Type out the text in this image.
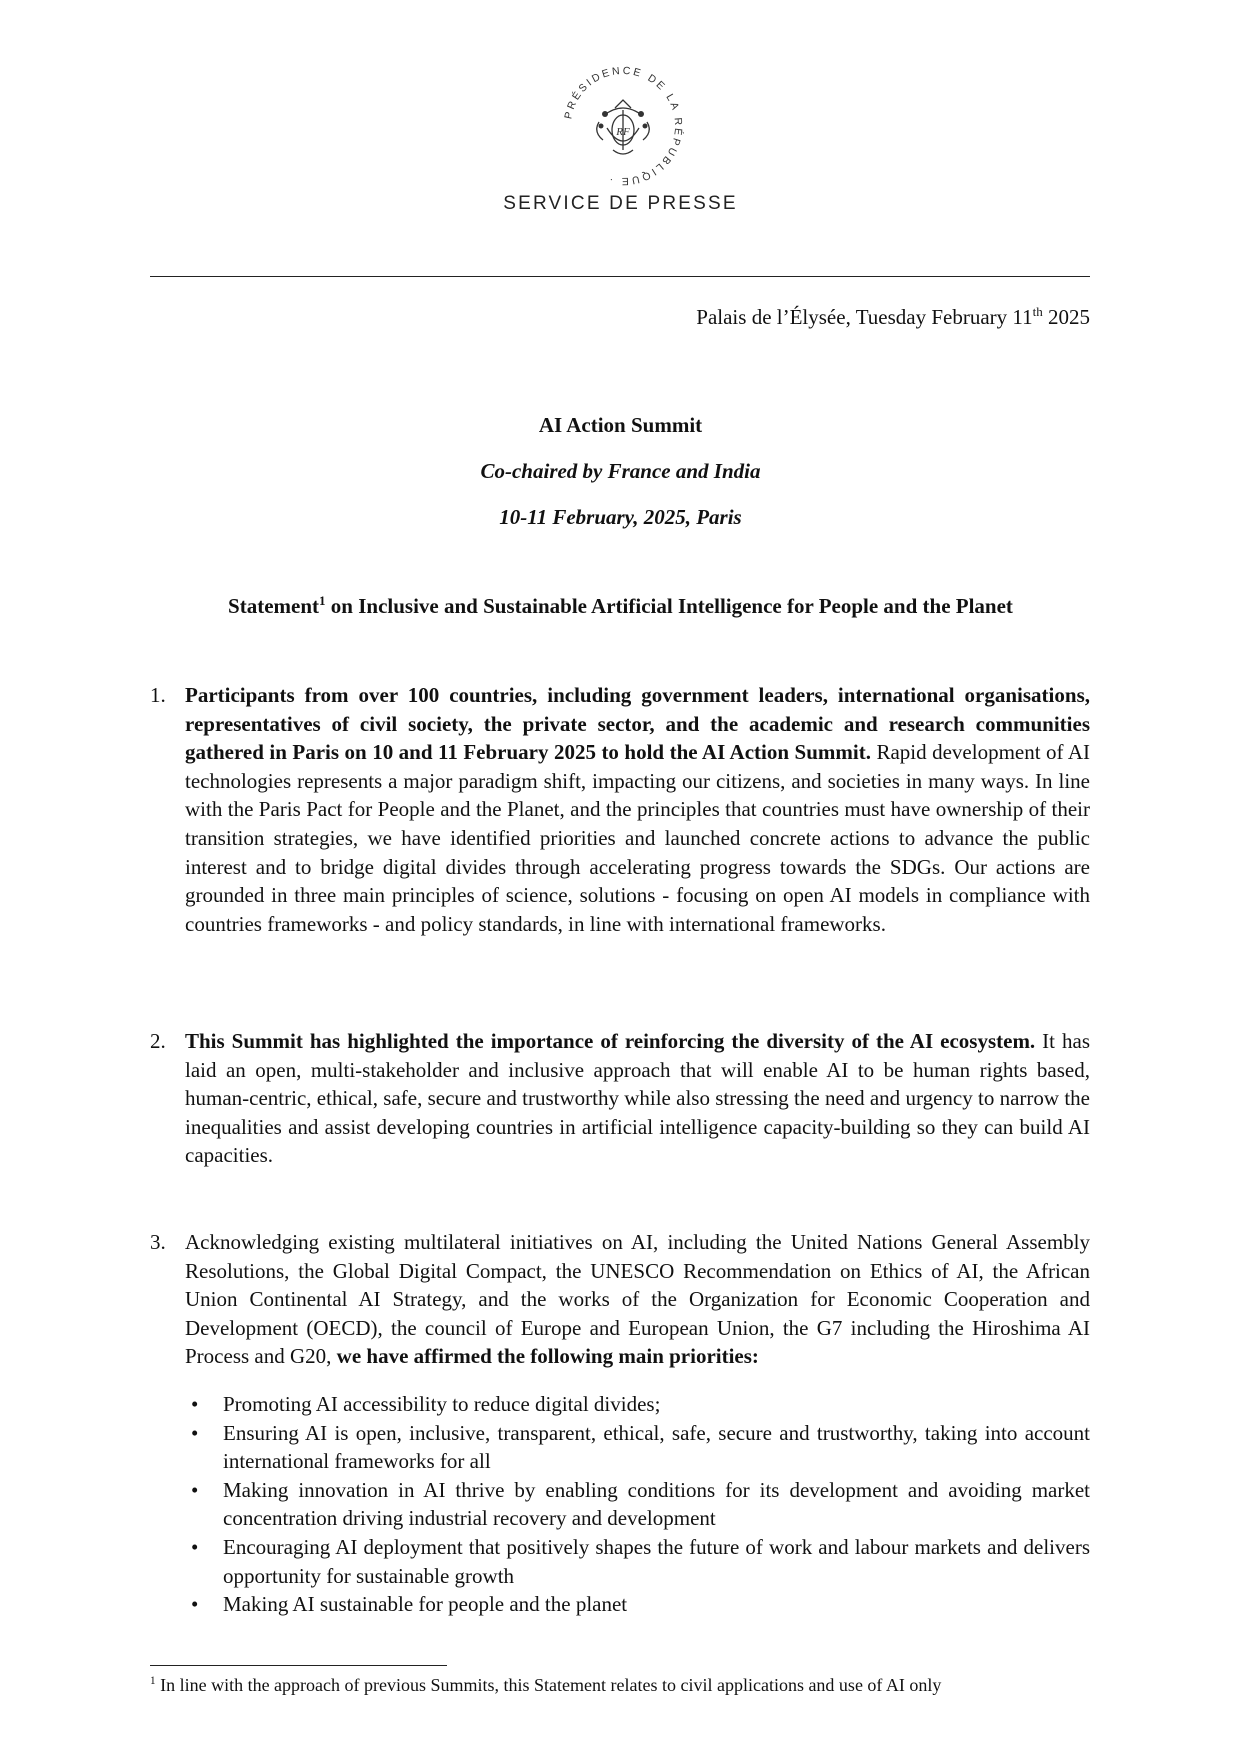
PRÉSIDENCE DE LA RÉPUBLIQUE ·
RF
SERVICE DE PRESSE
Palais de l’Élysée, Tuesday February 11th 2025
AI Action Summit
Co-chaired by France and India
10-11 February, 2025, Paris
Statement$^1$ on Inclusive and Sustainable Artificial Intelligence for People and the Planet
1. Participants from over 100 countries, including government leaders, international organisations, representatives of civil society, the private sector, and the academic and research communities gathered in Paris on 10 and 11 February 2025 to hold the AI Action Summit. Rapid development of AI technologies represents a major paradigm shift, impacting our citizens, and societies in many ways. In line with the Paris Pact for People and the Planet, and the principles that countries must have ownership of their transition strategies, we have identified priorities and launched concrete actions to advance the public interest and to bridge digital divides through accelerating progress towards the SDGs. Our actions are grounded in three main principles of science, solutions - focusing on open AI models in compliance with countries frameworks - and policy standards, in line with international frameworks.
2. This Summit has highlighted the importance of reinforcing the diversity of the AI ecosystem. It has laid an open, multi-stakeholder and inclusive approach that will enable AI to be human rights based, human-centric, ethical, safe, secure and trustworthy while also stressing the need and urgency to narrow the inequalities and assist developing countries in artificial intelligence capacity-building so they can build AI capacities.
3. Acknowledging existing multilateral initiatives on AI, including the United Nations General Assembly Resolutions, the Global Digital Compact, the UNESCO Recommendation on Ethics of AI, the African Union Continental AI Strategy, and the works of the Organization for Economic Cooperation and Development (OECD), the council of Europe and European Union, the G7 including the Hiroshima AI Process and G20, we have affirmed the following main priorities:
• Promoting AI accessibility to reduce digital divides;
• Ensuring AI is open, inclusive, transparent, ethical, safe, secure and trustworthy, taking into account international frameworks for all
• Making innovation in AI thrive by enabling conditions for its development and avoiding market concentration driving industrial recovery and development
• Encouraging AI deployment that positively shapes the future of work and labour markets and delivers opportunity for sustainable growth
• Making AI sustainable for people and the planet
$^1$ In line with the approach of previous Summits, this Statement relates to civil applications and use of AI only
